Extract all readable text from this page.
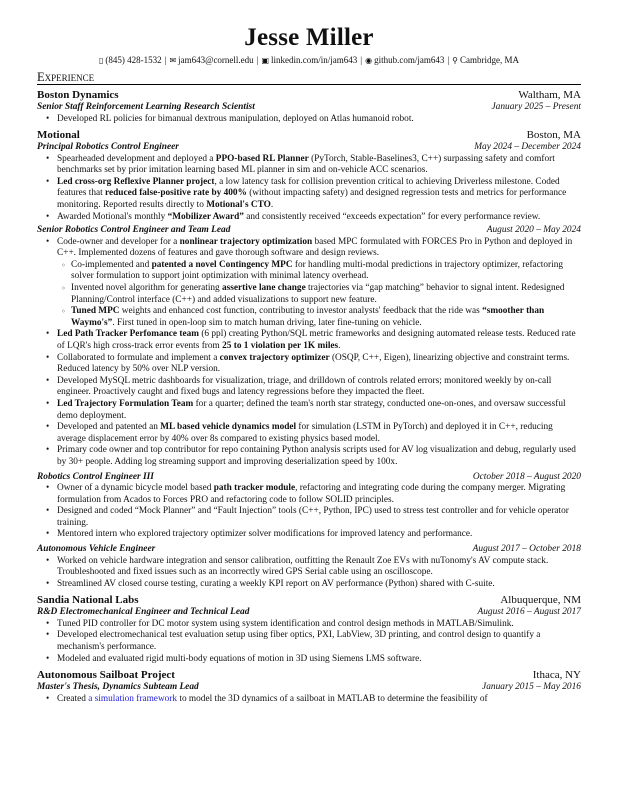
Jesse Miller
▯ (845) 428-1532 | ✉ jam643@cornell.edu | ▣ linkedin.com/in/jam643 | ◉ github.com/jam643 | ⚲ Cambridge, MA
Experience
Boston Dynamics	Waltham, MA
Senior Staff Reinforcement Learning Research Scientist	January 2025 – Present
• Developed RL policies for bimanual dextrous manipulation, deployed on Atlas humanoid robot.
Motional	Boston, MA
Principal Robotics Control Engineer	May 2024 – December 2024
• Spearheaded development and deployed a PPO-based RL Planner (PyTorch, Stable-Baselines3, C++) surpassing safety and comfort benchmarks set by prior imitation learning based ML planner in sim and on-vehicle ACC scenarios.
• Led cross-org Reflexive Planner project, a low latency task for collision prevention critical to achieving Driverless milestone. Coded features that reduced false-positive rate by 400% (without impacting safety) and designed regression tests and metrics for performance monitoring. Reported results directly to Motional's CTO.
• Awarded Motional's monthly “Mobilizer Award” and consistently received “exceeds expectation” for every performance review.
Senior Robotics Control Engineer and Team Lead	August 2020 – May 2024
• Code-owner and developer for a nonlinear trajectory optimization based MPC formulated with FORCES Pro in Python and deployed in C++. Implemented dozens of features and gave thorough software and design reviews.
◦ Co-implemented and patented a novel Contingency MPC for handling multi-modal predictions in trajectory optimizer, refactoring solver formulation to support joint optimization with minimal latency overhead.
◦ Invented novel algorithm for generating assertive lane change trajectories via “gap matching” behavior to signal intent. Redesigned Planning/Control interface (C++) and added visualizations to support new feature.
◦ Tuned MPC weights and enhanced cost function, contributing to investor analysts' feedback that the ride was “smoother than Waymo's”. First tuned in open-loop sim to match human driving, later fine-tuning on vehicle.
• Led Path Tracker Perfomance team (6 ppl) creating Python/SQL metric frameworks and designing automated release tests. Reduced rate of LQR's high cross-track error events from 25 to 1 violation per 1K miles.
• Collaborated to formulate and implement a convex trajectory optimizer (OSQP, C++, Eigen), linearizing objective and constraint terms. Reduced latency by 50% over NLP version.
• Developed MySQL metric dashboards for visualization, triage, and drilldown of controls related errors; monitored weekly by on-call engineer. Proactively caught and fixed bugs and latency regressions before they impacted the fleet.
• Led Trajectory Formulation Team for a quarter; defined the team's north star strategy, conducted one-on-ones, and oversaw successful demo deployment.
• Developed and patented an ML based vehicle dynamics model for simulation (LSTM in PyTorch) and deployed it in C++, reducing average displacement error by 40% over 8s compared to existing physics based model.
• Primary code owner and top contributor for repo containing Python analysis scripts used for AV log visualization and debug, regularly used by 30+ people. Adding log streaming support and improving deserialization speed by 100x.
Robotics Control Engineer III	October 2018 – August 2020
• Owner of a dynamic bicycle model based path tracker module, refactoring and integrating code during the company merger. Migrating formulation from Acados to Forces PRO and refactoring code to follow SOLID principles.
• Designed and coded “Mock Planner” and “Fault Injection” tools (C++, Python, IPC) used to stress test controller and for vehicle operator training.
• Mentored intern who explored trajectory optimizer solver modifications for improved latency and performance.
Autonomous Vehicle Engineer	August 2017 – October 2018
• Worked on vehicle hardware integration and sensor calibration, outfitting the Renault Zoe EVs with nuTonomy's AV compute stack. Troubleshooted and fixed issues such as an incorrectly wired GPS Serial cable using an oscilloscope.
• Streamlined AV closed course testing, curating a weekly KPI report on AV performance (Python) shared with C-suite.
Sandia National Labs	Albuquerque, NM
R&D Electromechanical Engineer and Technical Lead	August 2016 – August 2017
• Tuned PID controller for DC motor system using system identification and control design methods in MATLAB/Simulink.
• Developed electromechanical test evaluation setup using fiber optics, PXI, LabView, 3D printing, and control design to quantify a mechanism's performance.
• Modeled and evaluated rigid multi-body equations of motion in 3D using Siemens LMS software.
Autonomous Sailboat Project	Ithaca, NY
Master's Thesis, Dynamics Subteam Lead	January 2015 – May 2016
• Created a simulation framework to model the 3D dynamics of a sailboat in MATLAB to determine the feasibility of
